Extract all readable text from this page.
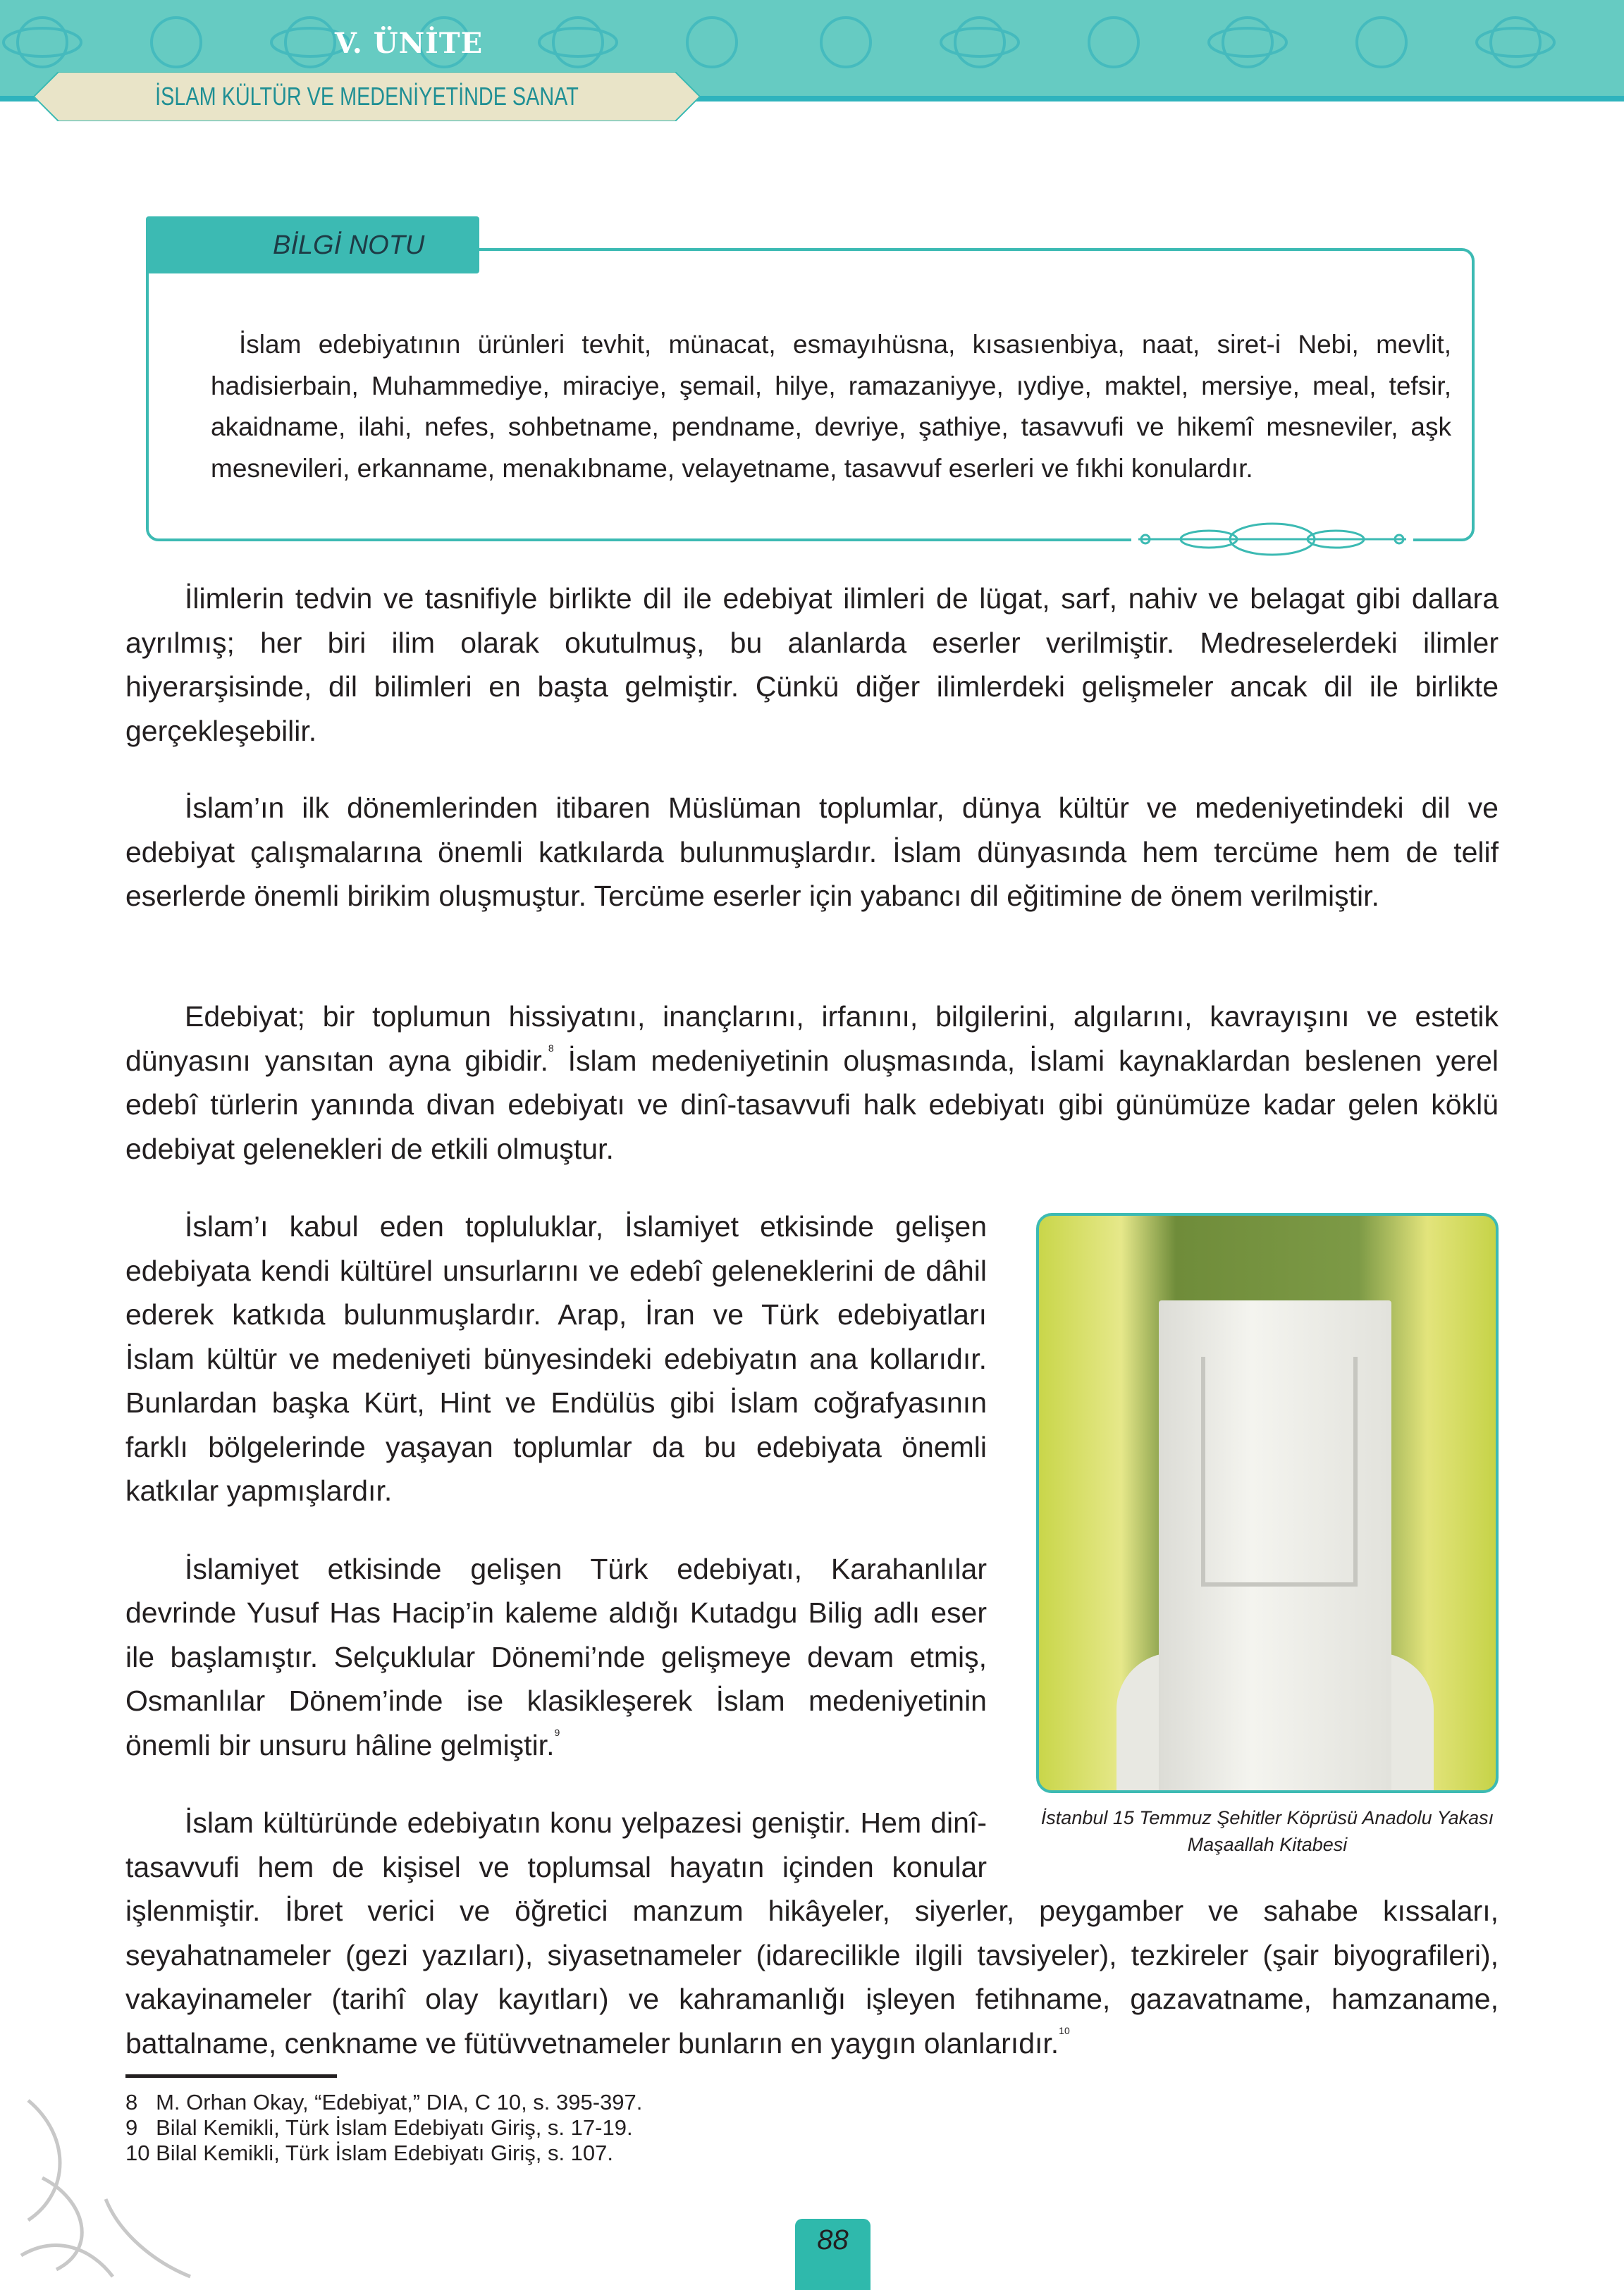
V. ÜNİTE
İSLAM KÜLTÜR VE MEDENİYETİNDE SANAT

İslam edebiyatının ürünleri tevhit, münacat, esmayıhüsna, kısasıenbiya, naat, siret-i Nebi, mevlit, hadisierbain, Muhammediye, miraciye, şemail, hilye, ramazaniyye, ıydiye, maktel, mersiye, meal, tefsir, akaidname, ilahi, nefes, sohbetname, pendname, devriye, şathiye, tasavvufi ve hikemî mesneviler, aşk mesnevileri, erkanname, menakıbname, velayetname, tasavvuf eserleri ve fıkhi konulardır.

BİLGİ NOTU

İlimlerin tedvin ve tasnifiyle birlikte dil ile edebiyat ilimleri de lügat, sarf, nahiv ve belagat gibi dallara ayrılmış; her biri ilim olarak okutulmuş, bu alanlarda eserler verilmiştir. Medreselerdeki ilimler hiyerarşisinde, dil bilimleri en başta gelmiştir. Çünkü diğer ilimlerdeki gelişmeler ancak dil ile birlikte gerçekleşebilir.

İslam’ın ilk dönemlerinden itibaren Müslüman toplumlar, dünya kültür ve medeniyetindeki dil ve edebiyat çalışmalarına önemli katkılarda bulunmuşlardır. İslam dünyasında hem tercüme hem de telif eserlerde önemli birikim oluşmuştur. Tercüme eserler için yabancı dil eğitimine de önem verilmiştir.

Edebiyat; bir toplumun hissiyatını, inançlarını, irfanını, bilgilerini, algılarını, kavrayışını ve estetik dünyasını yansıtan ayna gibidir.$^8$ İslam medeniyetinin oluşmasında, İslami kaynaklardan beslenen yerel edebî türlerin yanında divan edebiyatı ve dinî-tasavvufi halk edebiyatı gibi günümüze kadar gelen köklü edebiyat gelenekleri de etkili olmuştur.

İstanbul 15 Temmuz Şehitler Köprüsü Anadolu Yakası Maşaallah Kitabesi

İslam’ı kabul eden topluluklar, İslamiyet etkisinde gelişen edebiyata kendi kültürel unsurlarını ve edebî geleneklerini de dâhil ederek katkıda bulunmuşlardır. Arap, İran ve Türk edebiyatları İslam kültür ve medeniyeti bünyesindeki edebiyatın ana kollarıdır. Bunlardan başka Kürt, Hint ve Endülüs gibi İslam coğrafyasının farklı bölgelerinde yaşayan toplumlar da bu edebiyata önemli katkılar yapmışlardır.

İslamiyet etkisinde gelişen Türk edebiyatı, Karahanlılar devrinde Yusuf Has Hacip’in kaleme aldığı Kutadgu Bilig adlı eser ile başlamıştır. Selçuklular Dönemi’nde gelişmeye devam etmiş, Osmanlılar Dönem’inde ise klasikleşerek İslam medeniyetinin önemli bir unsuru hâline gelmiştir.$^9$

İslam kültüründe edebiyatın konu yelpazesi geniştir. Hem dinî-tasavvufi hem de kişisel ve toplumsal hayatın içinden konular işlenmiştir. İbret verici ve öğretici manzum hikâyeler, siyerler, peygamber ve sahabe kıssaları, seyahatnameler (gezi yazıları), siyasetnameler (idarecilikle ilgili tavsiyeler), tezkireler (şair biyografileri), vakayinameler (tarihî olay kayıtları) ve kahramanlığı işleyen fetihname, gazavatname, hamzaname, battalname, cenkname ve fütüvvetnameler bunların en yaygın olanlarıdır.$^{10}$

8   M. Orhan Okay, “Edebiyat,” DIA, C 10, s. 395-397.

9   Bilal Kemikli, Türk İslam Edebiyatı Giriş, s. 17-19.

10 Bilal Kemikli, Türk İslam Edebiyatı Giriş, s. 107.

88
